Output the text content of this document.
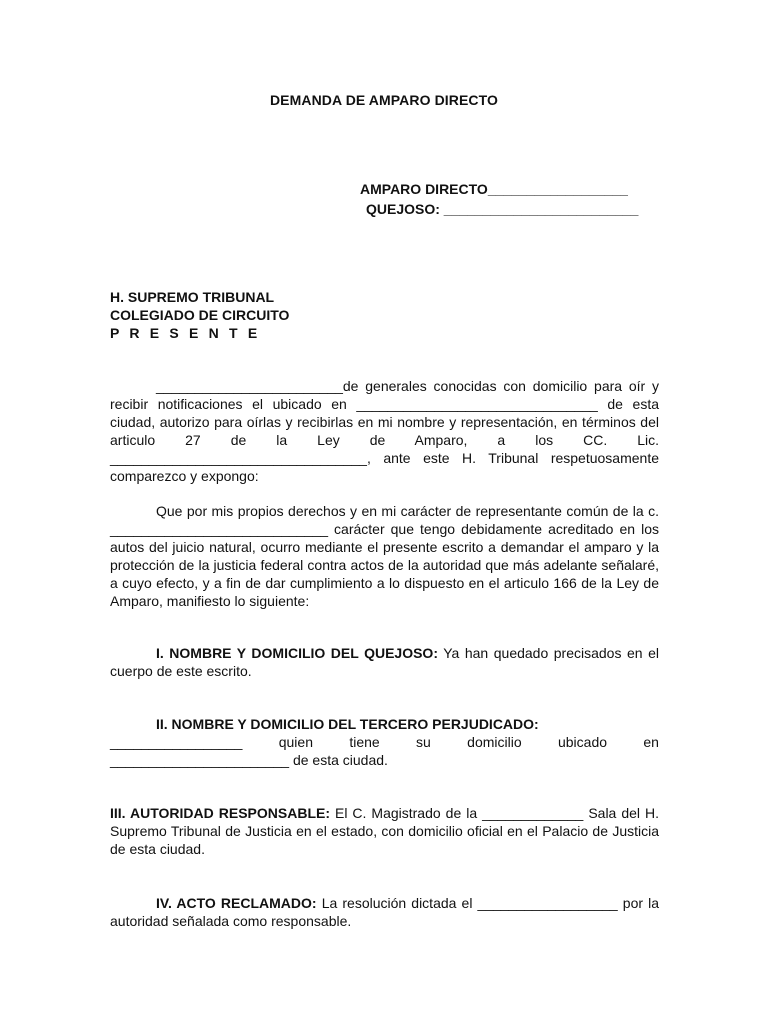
DEMANDA DE AMPARO DIRECTO
AMPARO DIRECTO__________________
QUEJOSO: _________________________
H. SUPREMO TRIBUNAL
COLEGIADO DE CIRCUITO
P R E S E N T E

________________________de generales conocidas con domicilio para oír y recibir notificaciones el ubicado en _______________________________ de esta ciudad, autorizo para oírlas y recibirlas en mi nombre y representación, en términos del articulo 27 de la Ley de Amparo, a los CC. Lic. _________________________________, ante este H. Tribunal respetuosamente comparezco y expongo:

Que por mis propios derechos y en mi carácter de representante común de la c. ____________________________ carácter que tengo debidamente acreditado en los autos del juicio natural, ocurro mediante el presente escrito a demandar el amparo y la protección de la justicia federal contra actos de la autoridad que más adelante señalaré, a cuyo efecto, y a fin de dar cumplimiento a lo dispuesto en el articulo 166 de la Ley de Amparo, manifiesto lo siguiente:

I. NOMBRE Y DOMICILIO DEL QUEJOSO: Ya han quedado precisados en el cuerpo de este escrito.

II. NOMBRE Y DOMICILIO DEL TERCERO PERJUDICADO:
_________________	quien	tiene	su	domicilio	ubicado	en
_______________________ de esta ciudad.

III. AUTORIDAD RESPONSABLE: El C. Magistrado de la _____________ Sala del H. Supremo Tribunal de Justicia en el estado, con domicilio oficial en el Palacio de Justicia de esta ciudad.

IV. ACTO RECLAMADO: La resolución dictada el __________________ por la autoridad señalada como responsable.
